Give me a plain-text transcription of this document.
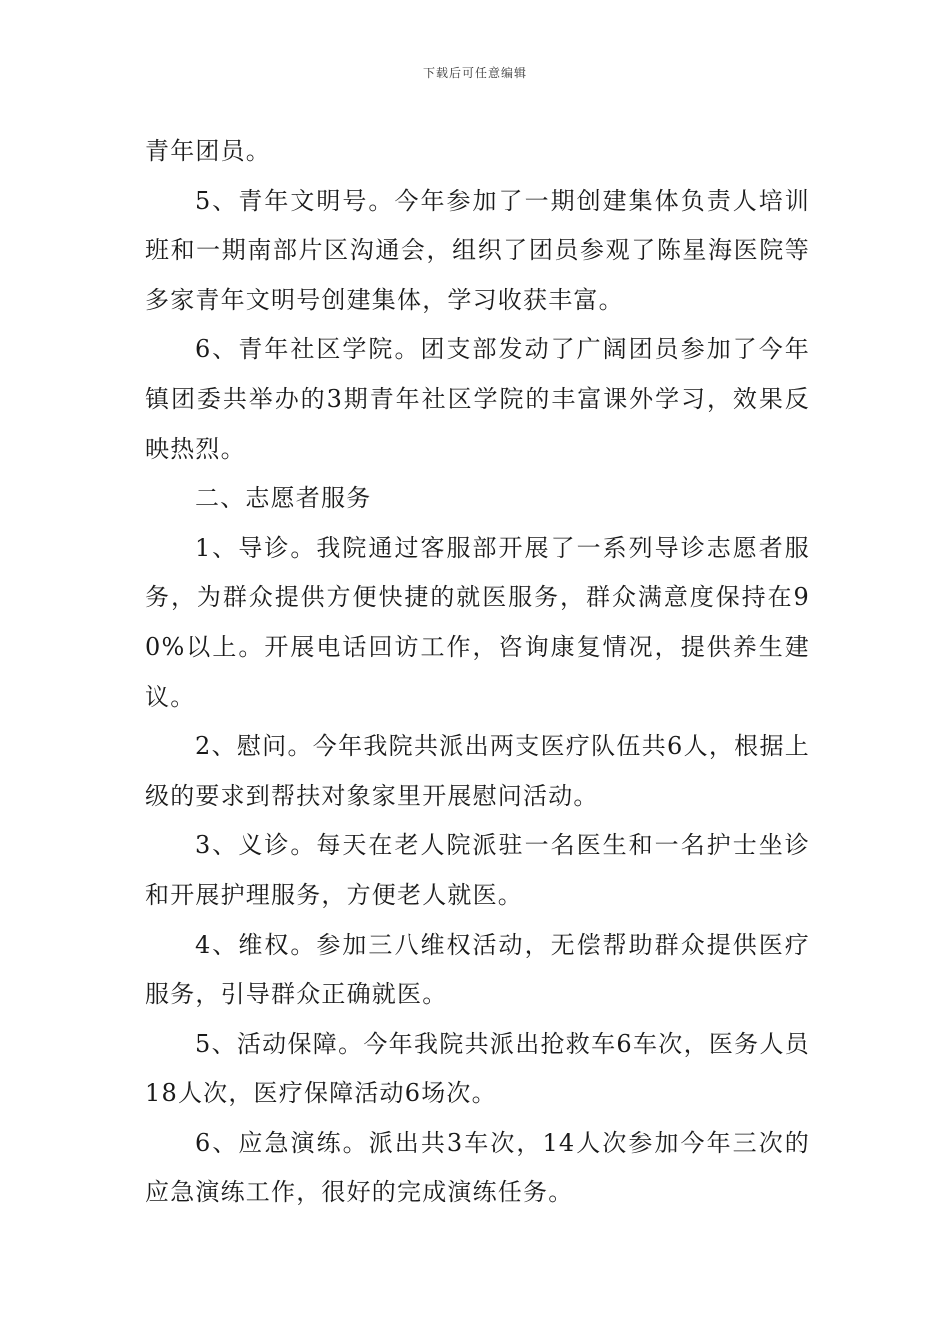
下载后可任意编辑

青年团员。

5、青年文明号。今年参加了一期创建集体负责人培训班和一期南部片区沟通会，组织了团员参观了陈星海医院等多家青年文明号创建集体，学习收获丰富。

6、青年社区学院。团支部发动了广阔团员参加了今年镇团委共举办的3期青年社区学院的丰富课外学习，效果反映热烈。

二、志愿者服务

1、导诊。我院通过客服部开展了一系列导诊志愿者服务，为群众提供方便快捷的就医服务，群众满意度保持在90%以上。开展电话回访工作，咨询康复情况，提供养生建议。

2、慰问。今年我院共派出两支医疗队伍共6人，根据上级的要求到帮扶对象家里开展慰问活动。

3、义诊。每天在老人院派驻一名医生和一名护士坐诊和开展护理服务，方便老人就医。

4、维权。参加三八维权活动，无偿帮助群众提供医疗服务，引导群众正确就医。

5、活动保障。今年我院共派出抢救车6车次，医务人员18人次，医疗保障活动6场次。

6、应急演练。派出共3车次，14人次参加今年三次的应急演练工作，很好的完成演练任务。
